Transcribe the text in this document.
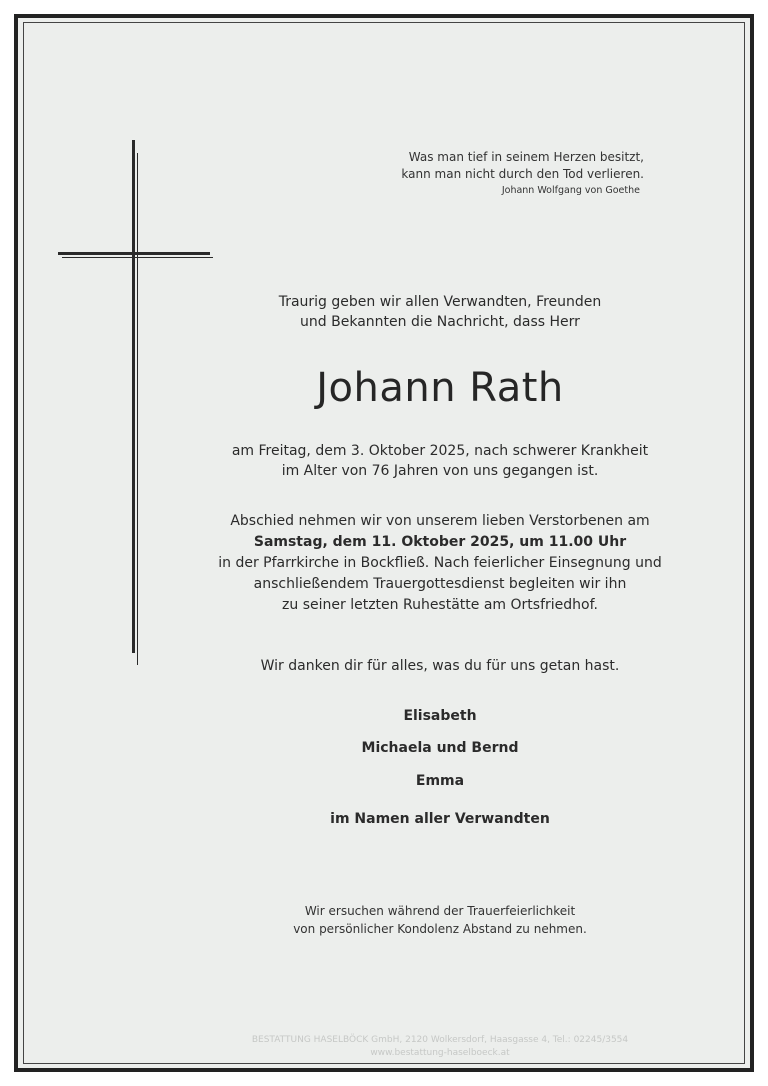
Was man tief in seinem Herzen besitzt,
kann man nicht durch den Tod verlieren.
Johann Wolfgang von Goethe
Traurig geben wir allen Verwandten, Freunden
und Bekannten die Nachricht, dass Herr
Johann Rath
am Freitag, dem 3. Oktober 2025, nach schwerer Krankheit
im Alter von 76 Jahren von uns gegangen ist.
Abschied nehmen wir von unserem lieben Verstorbenen am
Samstag, dem 11. Oktober 2025, um 11.00 Uhr
in der Pfarrkirche in Bockfließ. Nach feierlicher Einsegnung und
anschließendem Trauergottesdienst begleiten wir ihn
zu seiner letzten Ruhestätte am Ortsfriedhof.
Wir danken dir für alles, was du für uns getan hast.
Elisabeth
Michaela und Bernd
Emma
im Namen aller Verwandten
Wir ersuchen während der Trauerfeierlichkeit
von persönlicher Kondolenz Abstand zu nehmen.
BESTATTUNG HASELBÖCK GmbH, 2120 Wolkersdorf, Haasgasse 4, Tel.: 02245/3554
www.bestattung-haselboeck.at
